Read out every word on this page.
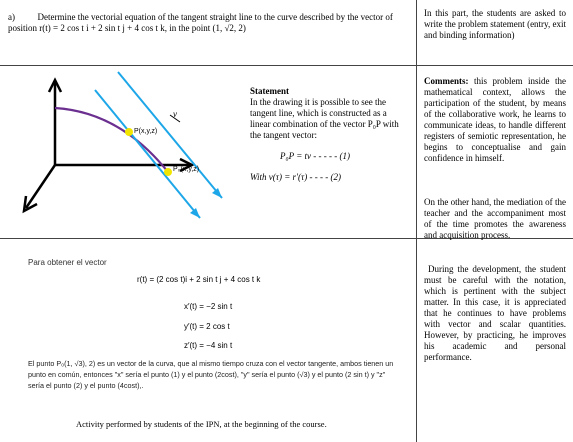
a)	Determine the vectorial equation of the tangent straight line to the curve described by the vector of position r(t) = 2 cos t i + 2 sin t j + 4 cos t k, in the point (1, √2, 2)
P(x,y,z)
P₀(x,y,z)
v
Statement
In the drawing it is possible to see the tangent line, which is constructed as a linear combination of the vector P₀P with the tangent vector:
P₀P = tv - - - - - (1)
With v(τ) = r′(τ) - - - - (2)
Para obtener el vector
r(t) = (2 cos t)i + 2 sin t j + 4 cos t k
x′(t) = −2 sin t
y′(t) = 2 cos t
z′(t) = −4 sin t
El punto P₀(1, √3), 2) es un vector de la curva, que al mismo tiempo cruza con el vector tangente, ambos tienen un punto en común, entonces "x" sería el punto (1) y el punto (2cost), "y" sería el punto (√3) y el punto (2 sin t) y "z" sería el punto (2) y el punto (4cost),.
Activity performed by students of the IPN, at the beginning of the course.
In this part, the students are asked to write the problem statement (entry, exit and binding information)
Comments: this problem inside the mathematical context, allows the participation of the student, by means of the collaborative work, he learns to communicate ideas, to handle different registers of semiotic representation, he begins to conceptualise and gain confidence in himself.
On the other hand, the mediation of the teacher and the accompaniment most of the time promotes the awareness and acquisition process.
During the development, the student must be careful with the notation, which is pertinent with the subject matter. In this case, it is appreciated that he continues to have problems with vector and scalar quantities. However, by practicing, he improves his academic and personal performance.
